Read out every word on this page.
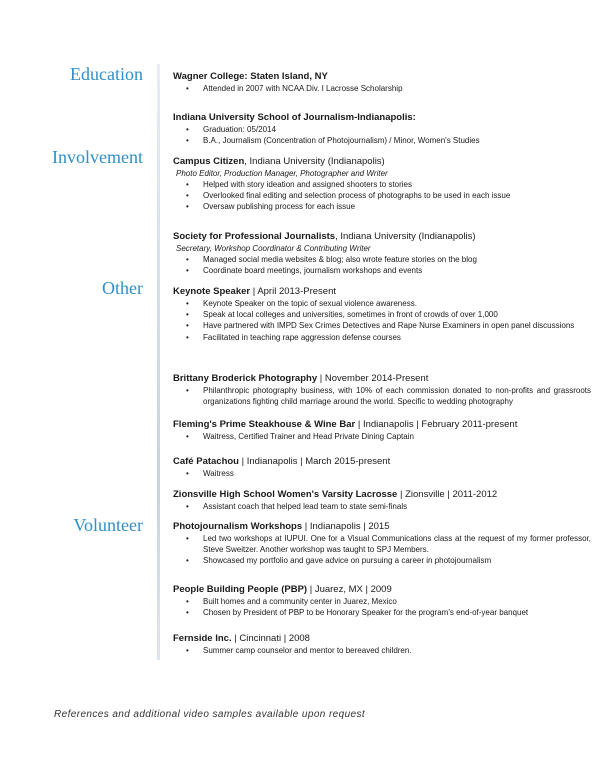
Education
Involvement
Other
Volunteer
Wagner College: Staten Island, NY
• Attended in 2007 with NCAA Div. I Lacrosse Scholarship
Indiana University School of Journalism-Indianapolis:
• Graduation: 05/2014
• B.A., Journalism (Concentration of Photojournalism) / Minor, Women's Studies
Campus Citizen, Indiana University (Indianapolis)
Photo Editor, Production Manager, Photographer and Writer
• Helped with story ideation and assigned shooters to stories
• Overlooked final editing and selection process of photographs to be used in each issue
• Oversaw publishing process for each issue
Society for Professional Journalists, Indiana University (Indianapolis)
Secretary, Workshop Coordinator & Contributing Writer
• Managed social media websites & blog; also wrote feature stories on the blog
• Coordinate board meetings, journalism workshops and events
Keynote Speaker | April 2013-Present
• Keynote Speaker on the topic of sexual violence awareness.
• Speak at local colleges and universities, sometimes in front of crowds of over 1,000
• Have partnered with IMPD Sex Crimes Detectives and Rape Nurse Examiners in open panel discussions
• Facilitated in teaching rape aggression defense courses
Brittany Broderick Photography | November 2014-Present
• Philanthropic photography business, with 10% of each commission donated to non-profits and grassroots organizations fighting child marriage around the world. Specific to wedding photography
Fleming's Prime Steakhouse & Wine Bar | Indianapolis | February 2011-present
• Waitress, Certified Trainer and Head Private Dining Captain
Café Patachou | Indianapolis | March 2015-present
• Waitress
Zionsville High School Women's Varsity Lacrosse | Zionsville | 2011-2012
• Assistant coach that helped lead team to state semi-finals
Photojournalism Workshops | Indianapolis | 2015
• Led two workshops at IUPUI. One for a Visual Communications class at the request of my former professor, Steve Sweitzer. Another workshop was taught to SPJ Members.
• Showcased my portfolio and gave advice on pursuing a career in photojournalism
People Building People (PBP) | Juarez, MX | 2009
• Built homes and a community center in Juarez, Mexico
• Chosen by President of PBP to be Honorary Speaker for the program's end-of-year banquet
Fernside Inc. | Cincinnati | 2008
• Summer camp counselor and mentor to bereaved children.
References and additional video samples available upon request
